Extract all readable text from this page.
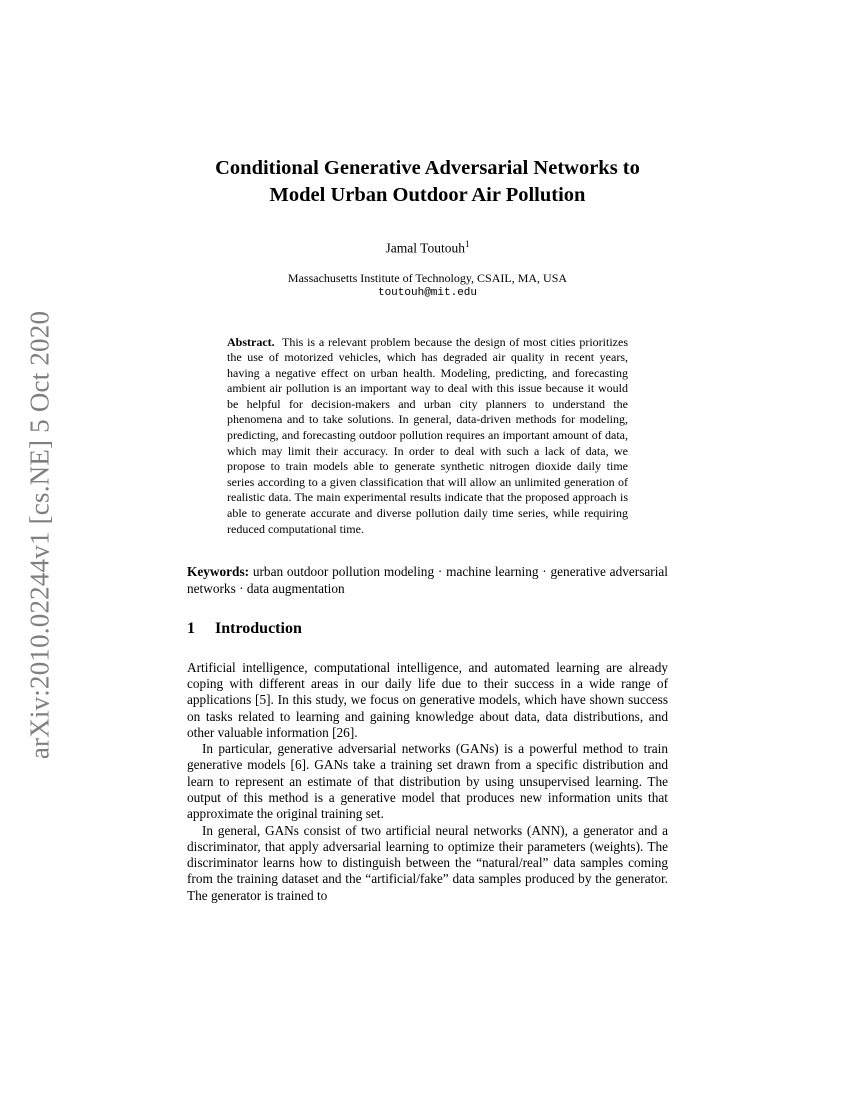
arXiv:2010.02244v1 [cs.NE] 5 Oct 2020
Conditional Generative Adversarial Networks to
Model Urban Outdoor Air Pollution
Jamal Toutouh$^1$
Massachusetts Institute of Technology, CSAIL, MA, USA
toutouh@mit.edu
Abstract. This is a relevant problem because the design of most cities prioritizes the use of motorized vehicles, which has degraded air quality in recent years, having a negative effect on urban health. Modeling, predicting, and forecasting ambient air pollution is an important way to deal with this issue because it would be helpful for decision-makers and urban city planners to understand the phenomena and to take solutions. In general, data-driven methods for modeling, predicting, and forecasting outdoor pollution requires an important amount of data, which may limit their accuracy. In order to deal with such a lack of data, we propose to train models able to generate synthetic nitrogen dioxide daily time series according to a given classification that will allow an unlimited generation of realistic data. The main experimental results indicate that the proposed approach is able to generate accurate and diverse pollution daily time series, while requiring reduced computational time.
Keywords: urban outdoor pollution modeling · machine learning · generative adversarial networks · data augmentation
1 Introduction

Artificial intelligence, computational intelligence, and automated learning are already coping with different areas in our daily life due to their success in a wide range of applications [5]. In this study, we focus on generative models, which have shown success on tasks related to learning and gaining knowledge about data, data distributions, and other valuable information [26].

In particular, generative adversarial networks (GANs) is a powerful method to train generative models [6]. GANs take a training set drawn from a specific distribution and learn to represent an estimate of that distribution by using unsupervised learning. The output of this method is a generative model that produces new information units that approximate the original training set.

In general, GANs consist of two artificial neural networks (ANN), a generator and a discriminator, that apply adversarial learning to optimize their parameters (weights). The discriminator learns how to distinguish between the “natural/real” data samples coming from the training dataset and the “artificial/fake” data samples produced by the generator. The generator is trained to
